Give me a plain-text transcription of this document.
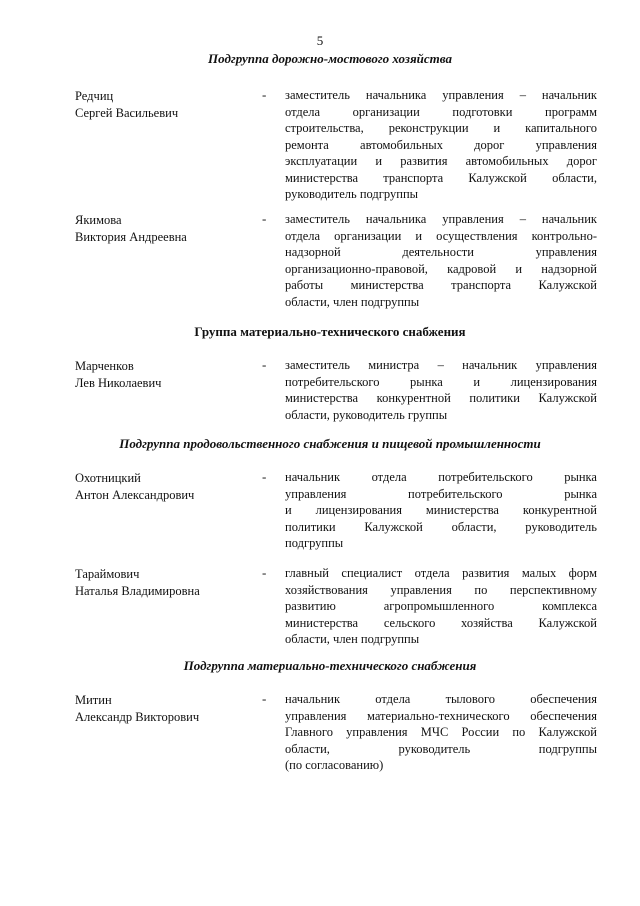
5
Подгруппа дорожно-мостового хозяйства
Редчиц
Сергей Васильевич
- заместитель начальника управления – начальник
отдела организации подготовки программ
строительства, реконструкции и капитального
ремонта автомобильных дорог управления
эксплуатации и развития автомобильных дорог
министерства транспорта Калужской области,
руководитель подгруппы
Якимова
Виктория Андреевна
- заместитель начальника управления – начальник
отдела организации и осуществления контрольно-
надзорной деятельности управления
организационно-правовой, кадровой и надзорной
работы министерства транспорта Калужской
области, член подгруппы
Группа материально-технического снабжения
Марченков
Лев Николаевич
- заместитель министра – начальник управления
потребительского рынка и лицензирования
министерства конкурентной политики Калужской
области, руководитель группы
Подгруппа продовольственного снабжения и пищевой промышленности
Охотницкий
Антон Александрович
- начальник отдела потребительского рынка
управления потребительского рынка
и лицензирования министерства конкурентной
политики Калужской области, руководитель
подгруппы
Тараймович
Наталья Владимировна
- главный специалист отдела развития малых форм
хозяйствования управления по перспективному
развитию агропромышленного комплекса
министерства сельского хозяйства Калужской
области, член подгруппы
Подгруппа материально-технического снабжения
Митин
Александр Викторович
- начальник отдела тылового обеспечения
управления материально-технического обеспечения
Главного управления МЧС России по Калужской
области, руководитель подгруппы
(по согласованию)
